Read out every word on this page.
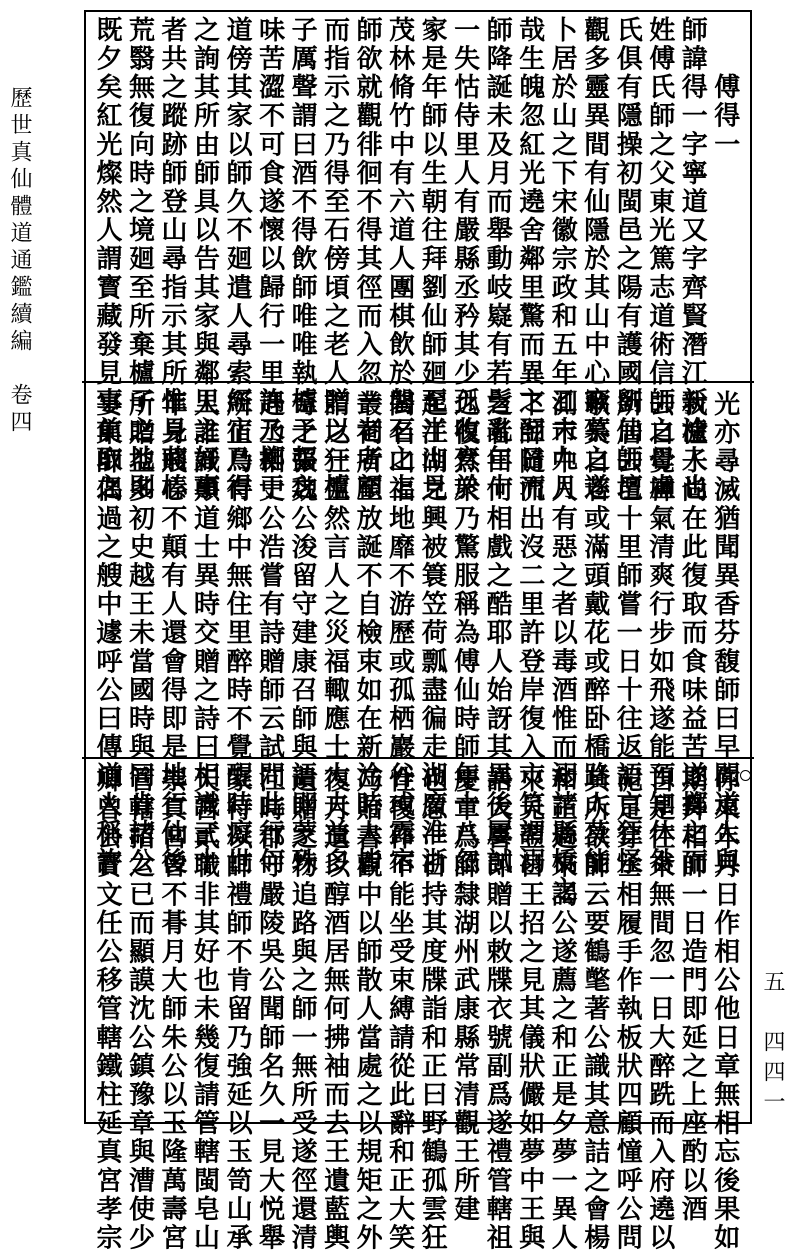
歷世真仙體道通鑑續編　卷四
五　四四一
　　傅得一
師諱得一字寧道又字齊賢潛江新淦人也
姓傅氏師之父東光篤志道術信師之母盧
氏俱有隱操初閩邑之陽有護國劉仙師壇
觀多靈異間有仙隱於其山中心竊慕之遂
卜居於山之下宋徽宗政和五年乙未九月
哉生魄忽紅光遶舍鄰里驚而異之翌日而
師降誕未及月而舉動岐嶷有若髫亂年十
一失怙侍里人有嚴縣丞矜其少孤收育於
家是年師以生朝往拜劉仙師廻至半山見
茂林脩竹中有六道人團棋飲於磐石之上
師欲就觀徘徊不得其徑而入忽一老者顧
而指示之乃得至石傍頃之老人贈以一櫨
子厲聲謂曰酒不得飲師唯唯執櫨子齧之
味苦澀不可食遂懷以歸行一里許乃擲于
道傍其家以師久不廻遣人尋索經宿乃得
之詢其所由師具以告其家與鄰里之好事
者共之蹤跡師登山尋指示其所惟見荊榛
荒翳無復向時之境廻至所棄櫨子之地則
既夕矣紅光燦然人謂寳藏發見事前取之
光亦尋滅猶聞異香芬馥師曰早聞道人與
我櫨子尚在此復取而食味益苦遂擲之而
去自覺神氣清爽行步如飛遂能預知休咎
所居去邑十里師嘗一日十往返語言狂怪
歌笑自若或滿頭戴花或醉卧橋路人莫能
測市中人有惡之者以毒酒惟而溺諸縣橋之
下師隨流出沒二里許登岸復入市笑謂溺
之者曰何相戲之酷耶人始訝其異後屢試
之復然衆乃驚服稱為傅仙時師年十八忽
起江湖之興被簑笠荷瓢盡徧走湖廣淮浙
閩名山福地靡不游歷或孤栖巖谷或露宿
叢祠所至放誕不自檢束如在新淦時人皆
謂之狂生然言人之災福輙應士大夫益多
奇之張魏公浚留守建康召師與語即蒙殊
遇丞相史公浩嘗有詩贈師云試問此行何
所止鳥有鄉中無住里醉時不覺醒時癡世
人誰識顛道士異時交贈之詩曰相識三十
年身賤心不顛有人還會得即是地行仙後
所贈益多初史越王未當國時與同肯諸公
宴集師偶過之艘中遽呼公曰傳道人稱許
你來年月日作相公他日章無相忘後果如
期拜相師一日造門即延之上座酌以酒
自是往來無間忽一日大醉跣而入府遶以
泥足穿丞相履手作執板狀四顧憧呼公問
其所欲師云要鶴氅著公識其意詰之會楊
和正適來謁公遂薦之和正是夕夢一異人
來見翌日王招之見其儀狀儼如夢中王與
語大喜即贈以敕牒衣號副爲遂禮管轄祖
慶章爲師隸湖州武康縣常清觀王所建
也忽一日持其度牒詣和正曰野鶴孤雲狂
性復作不能坐受束縛請從此辭和正大笑
乃貽書觀中以師散人當處之以規矩之外
復月遺以醇酒居無何拂袖而去王遺藍輿
遺贈之物追路與之師一無所受遂徑還清
江時郡守嚴陵吳公聞師名久一見大悦舉
家待以師禮師不肯留乃強延以玉笥山承
天宮貳職非其好也未幾復請管轄閩皂山
崇真宮曾不朞月大師朱公以玉隆萬壽宮
管轄招之已而顯謨沈公鎮豫章與漕使少
卿曾公寳文任公移管轄鐵柱延真宮孝宗
